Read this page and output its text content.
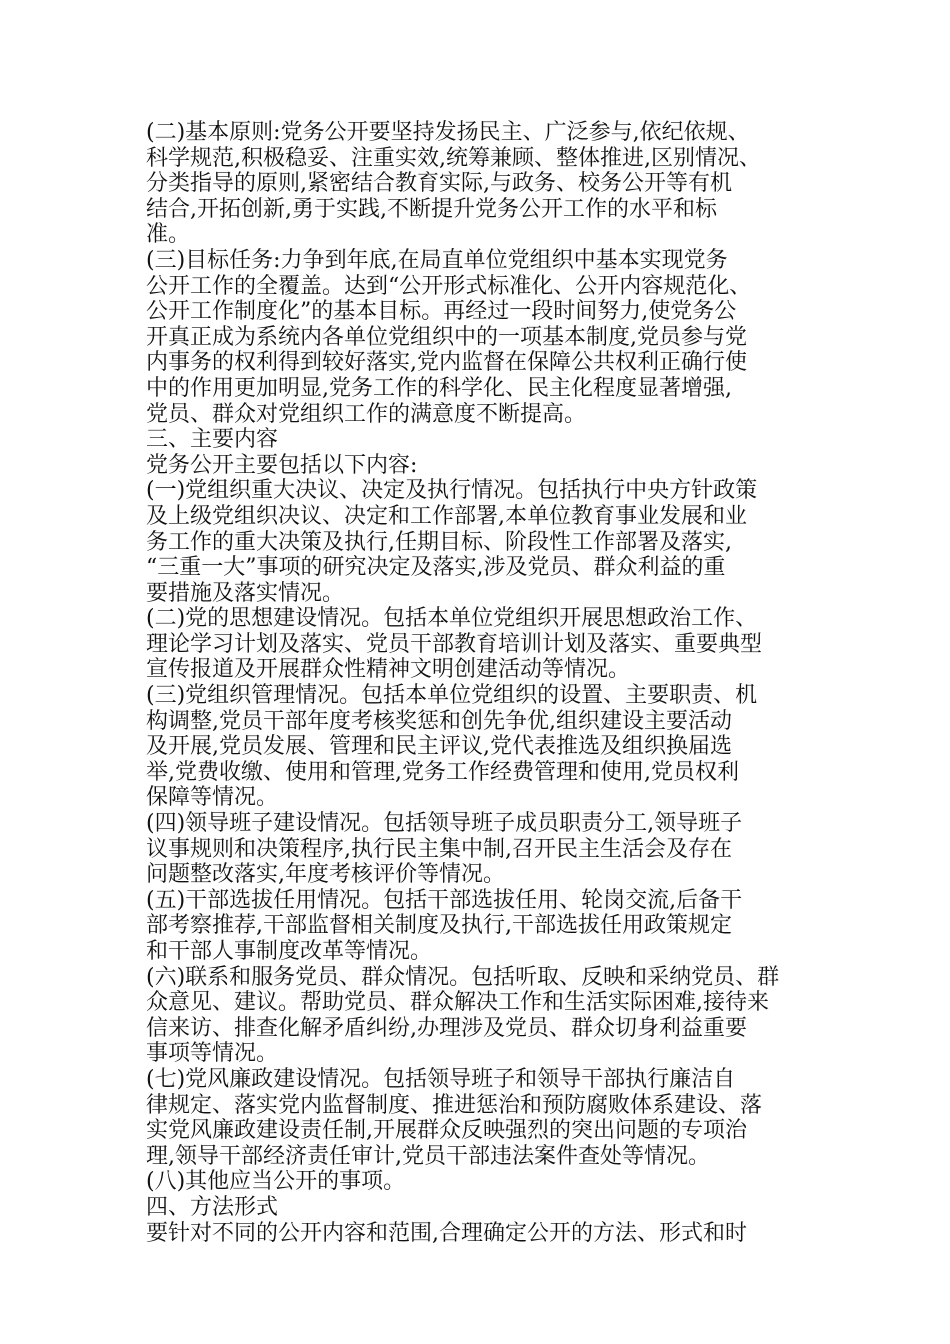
(二)基本原则:党务公开要坚持发扬民主、广泛参与,依纪依规、
科学规范,积极稳妥、注重实效,统筹兼顾、整体推进,区别情况、
分类指导的原则,紧密结合教育实际,与政务、校务公开等有机
结合,开拓创新,勇于实践,不断提升党务公开工作的水平和标
准。
(三)目标任务:力争到年底,在局直单位党组织中基本实现党务
公开工作的全覆盖。达到“公开形式标准化、公开内容规范化、
公开工作制度化”的基本目标。再经过一段时间努力,使党务公
开真正成为系统内各单位党组织中的一项基本制度,党员参与党
内事务的权利得到较好落实,党内监督在保障公共权利正确行使
中的作用更加明显,党务工作的科学化、民主化程度显著增强,
党员、群众对党组织工作的满意度不断提高。
三、主要内容
党务公开主要包括以下内容:
(一)党组织重大决议、决定及执行情况。包括执行中央方针政策
及上级党组织决议、决定和工作部署,本单位教育事业发展和业
务工作的重大决策及执行,任期目标、阶段性工作部署及落实,
“三重一大”事项的研究决定及落实,涉及党员、群众利益的重
要措施及落实情况。
(二)党的思想建设情况。包括本单位党组织开展思想政治工作、
理论学习计划及落实、党员干部教育培训计划及落实、重要典型
宣传报道及开展群众性精神文明创建活动等情况。
(三)党组织管理情况。包括本单位党组织的设置、主要职责、机
构调整,党员干部年度考核奖惩和创先争优,组织建设主要活动
及开展,党员发展、管理和民主评议,党代表推选及组织换届选
举,党费收缴、使用和管理,党务工作经费管理和使用,党员权利
保障等情况。
(四)领导班子建设情况。包括领导班子成员职责分工,领导班子
议事规则和决策程序,执行民主集中制,召开民主生活会及存在
问题整改落实,年度考核评价等情况。
(五)干部选拔任用情况。包括干部选拔任用、轮岗交流,后备干
部考察推荐,干部监督相关制度及执行,干部选拔任用政策规定
和干部人事制度改革等情况。
(六)联系和服务党员、群众情况。包括听取、反映和采纳党员、群
众意见、建议。帮助党员、群众解决工作和生活实际困难,接待来
信来访、排查化解矛盾纠纷,办理涉及党员、群众切身利益重要
事项等情况。
(七)党风廉政建设情况。包括领导班子和领导干部执行廉洁自
律规定、落实党内监督制度、推进惩治和预防腐败体系建设、落
实党风廉政建设责任制,开展群众反映强烈的突出问题的专项治
理,领导干部经济责任审计,党员干部违法案件查处等情况。
(八)其他应当公开的事项。
四、方法形式
要针对不同的公开内容和范围,合理确定公开的方法、形式和时
